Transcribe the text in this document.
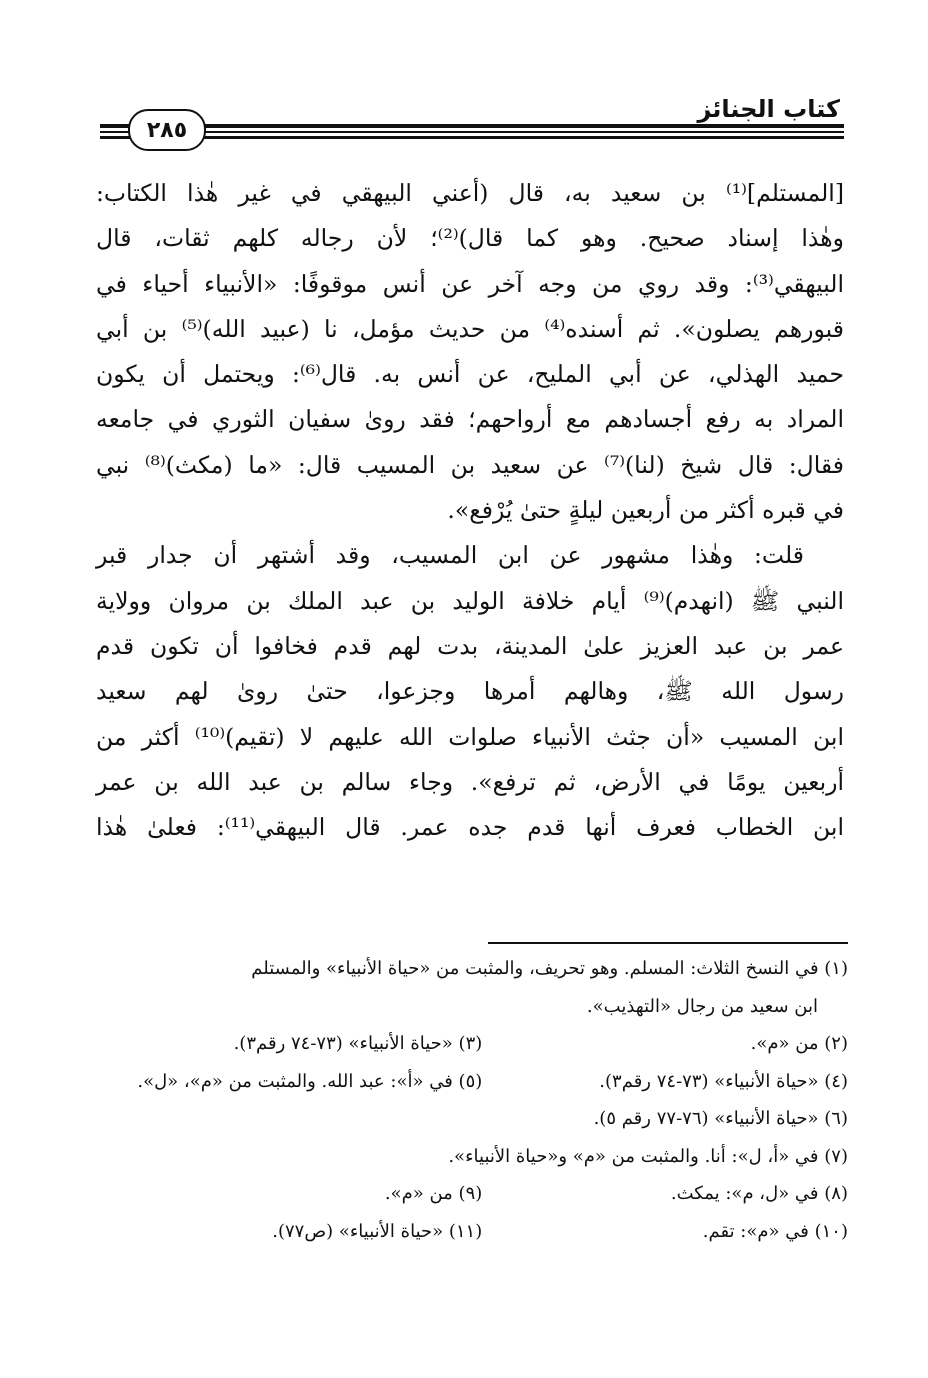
كتاب الجنائز
٢٨٥
[المستلم]⁽¹⁾ بن سعيد به، قال (أعني البيهقي في غير هٰذا الكتاب:
وهٰذا إسناد صحيح. وهو كما قال)⁽²⁾؛ لأن رجاله كلهم ثقات، قال
البيهقي⁽³⁾: وقد روي من وجه آخر عن أنس موقوفًا: «الأنبياء أحياء في
قبورهم يصلون». ثم أسنده⁽⁴⁾ من حديث مؤمل، نا (عبيد الله)⁽⁵⁾ بن أبي
حميد الهذلي، عن أبي المليح، عن أنس به. قال⁽⁶⁾: ويحتمل أن يكون
المراد به رفع أجسادهم مع أرواحهم؛ فقد روىٰ سفيان الثوري في جامعه
فقال: قال شيخ (لنا)⁽⁷⁾ عن سعيد بن المسيب قال: «ما (مكث)⁽⁸⁾ نبي
في قبره أكثر من أربعين ليلةٍ حتىٰ يُرْفع».
قلت: وهٰذا مشهور عن ابن المسيب، وقد أشتهر أن جدار قبر
النبي ﷺ (انهدم)⁽⁹⁾ أيام خلافة الوليد بن عبد الملك بن مروان وولاية
عمر بن عبد العزيز علىٰ المدينة، بدت لهم قدم فخافوا أن تكون قدم
رسول الله ﷺ، وهالهم أمرها وجزعوا، حتىٰ روىٰ لهم سعيد
ابن المسيب «أن جثث الأنبياء صلوات الله عليهم لا (تقيم)⁽¹⁰⁾ أكثر من
أربعين يومًا في الأرض، ثم ترفع». وجاء سالم بن عبد الله بن عمر
ابن الخطاب فعرف أنها قدم جده عمر. قال البيهقي⁽¹¹⁾: فعلىٰ هٰذا
(١) في النسخ الثلاث: المسلم. وهو تحريف، والمثبت من «حياة الأنبياء» والمستلم
ابن سعيد من رجال «التهذيب».
(٢) من «م». (٣) «حياة الأنبياء» (٧٣-٧٤ رقم٣).
(٤) «حياة الأنبياء» (٧٣-٧٤ رقم٣). (٥) في «أ»: عبد الله. والمثبت من «م»، «ل».
(٦) «حياة الأنبياء» (٧٦-٧٧ رقم ٥).
(٧) في «أ، ل»: أنا. والمثبت من «م» و«حياة الأنبياء».
(٨) في «ل، م»: يمكث. (٩) من «م».
(١٠) في «م»: تقم. (١١) «حياة الأنبياء» (ص٧٧).
